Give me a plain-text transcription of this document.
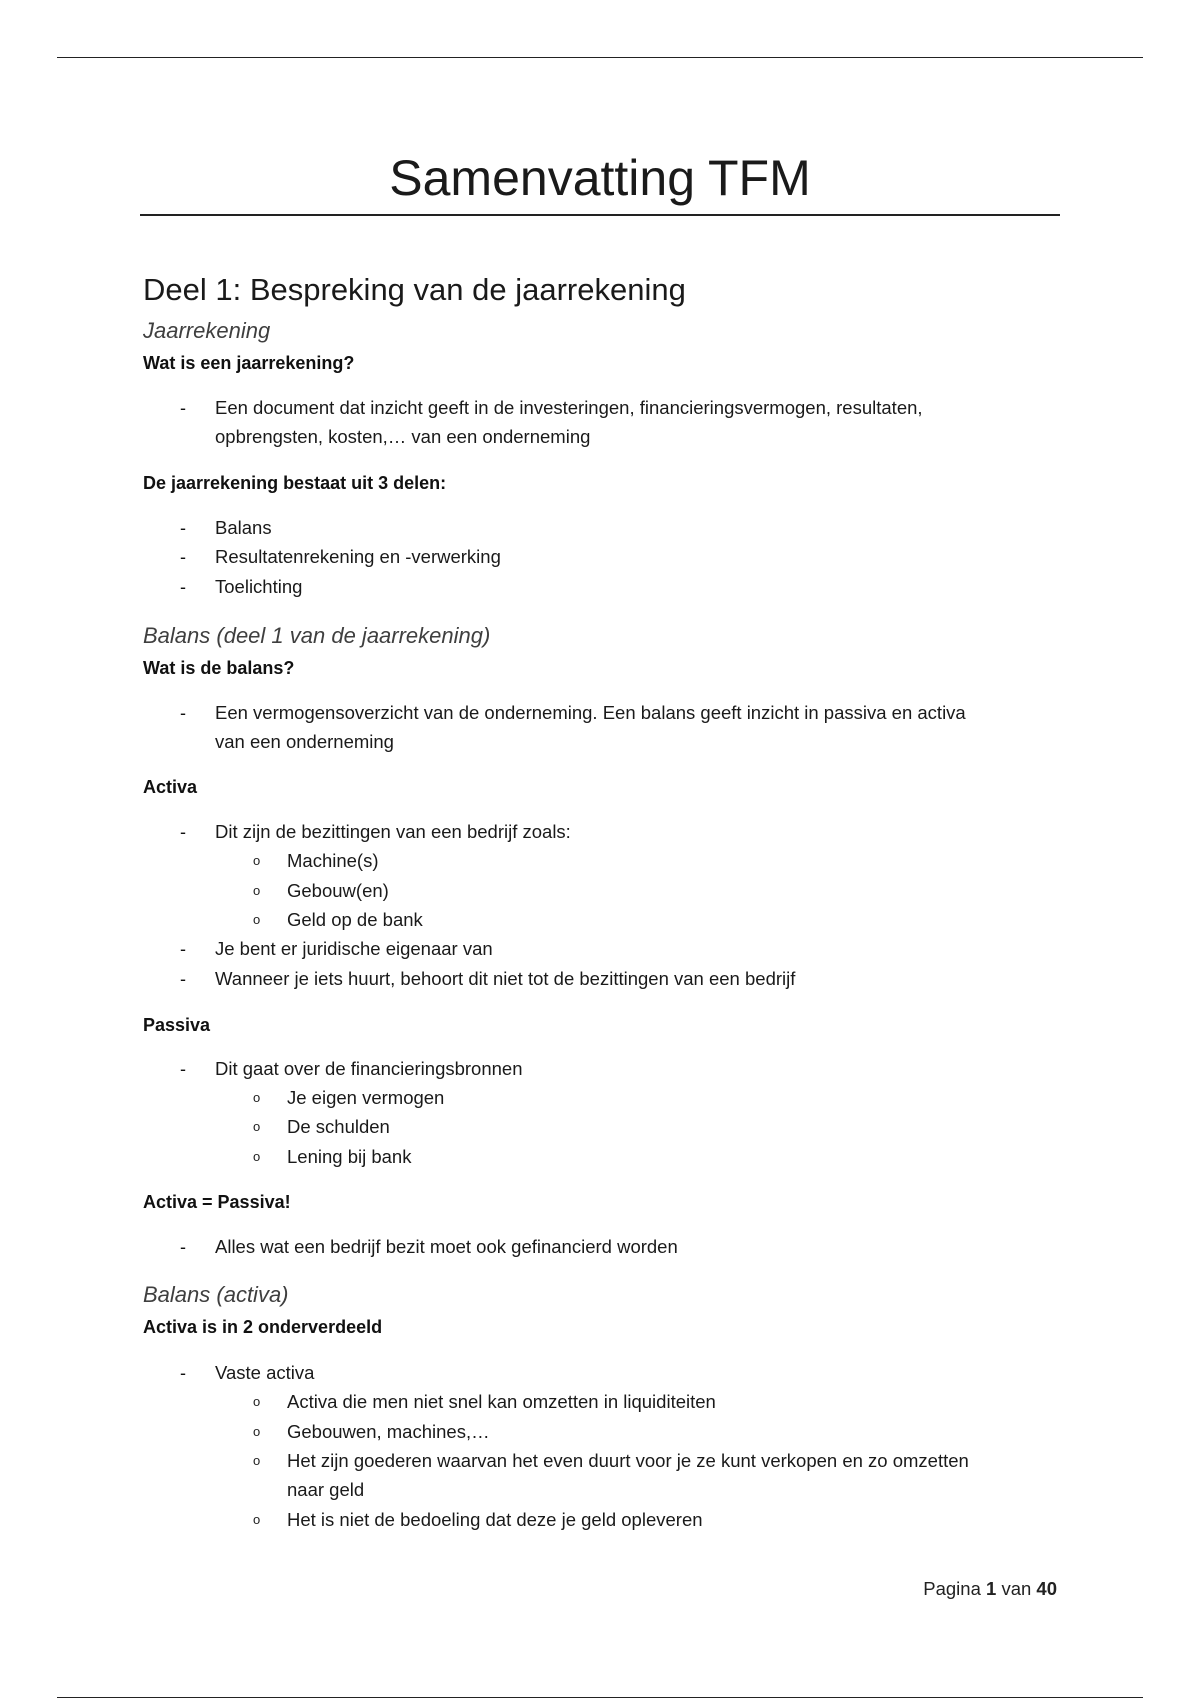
Samenvatting TFM
Deel 1: Bespreking van de jaarrekening
Jaarrekening
Wat is een jaarrekening?
- Een document dat inzicht geeft in de investeringen, financieringsvermogen, resultaten,
opbrengsten, kosten,… van een onderneming
De jaarrekening bestaat uit 3 delen:
- Balans
- Resultatenrekening en -verwerking
- Toelichting
Balans (deel 1 van de jaarrekening)
Wat is de balans?
- Een vermogensoverzicht van de onderneming. Een balans geeft inzicht in passiva en activa
van een onderneming
Activa
- Dit zijn de bezittingen van een bedrijf zoals:
o Machine(s)
o Gebouw(en)
o Geld op de bank
- Je bent er juridische eigenaar van
- Wanneer je iets huurt, behoort dit niet tot de bezittingen van een bedrijf
Passiva
- Dit gaat over de financieringsbronnen
o Je eigen vermogen
o De schulden
o Lening bij bank
Activa = Passiva!
- Alles wat een bedrijf bezit moet ook gefinancierd worden
Balans (activa)
Activa is in 2 onderverdeeld
- Vaste activa
o Activa die men niet snel kan omzetten in liquiditeiten
o Gebouwen, machines,…
o Het zijn goederen waarvan het even duurt voor je ze kunt verkopen en zo omzetten
naar geld
o Het is niet de bedoeling dat deze je geld opleveren
Pagina 1 van 40
